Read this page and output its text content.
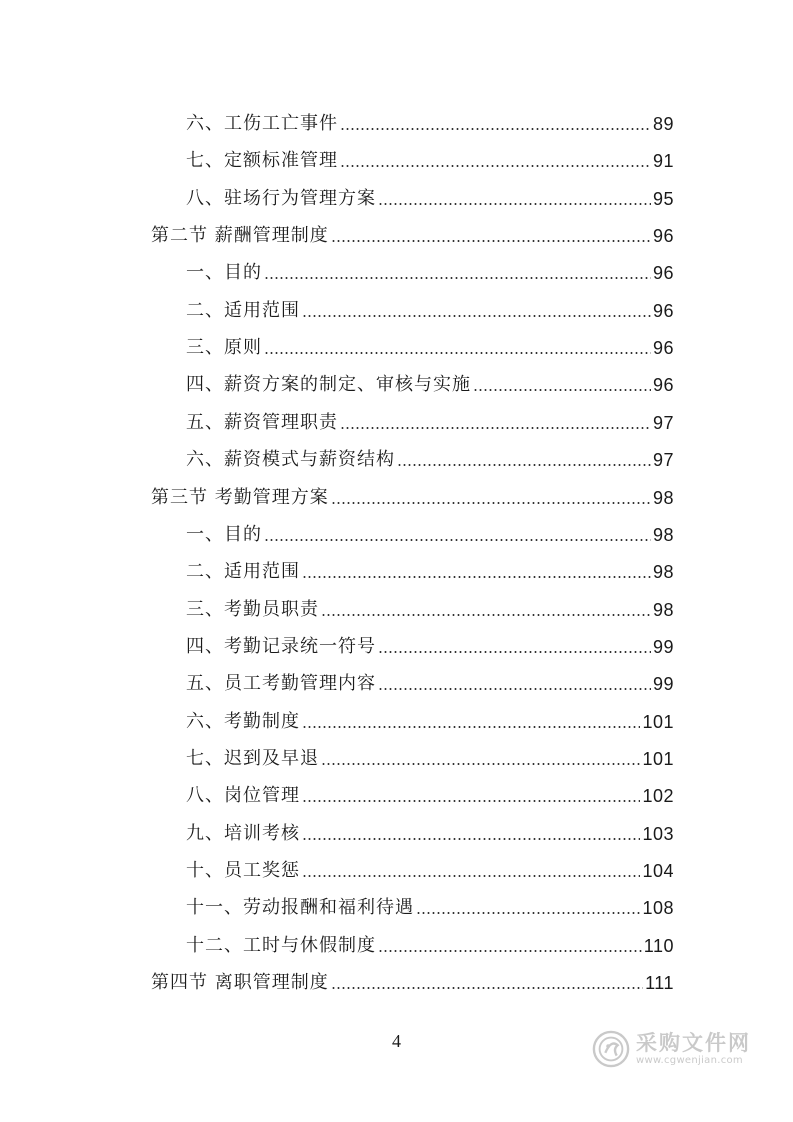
六、工伤工亡事件	89
七、定额标准管理	91
八、驻场行为管理方案	95
第二节 薪酬管理制度	96
一、目的	96
二、适用范围	96
三、原则	96
四、薪资方案的制定、审核与实施	96
五、薪资管理职责	97
六、薪资模式与薪资结构	97
第三节 考勤管理方案	98
一、目的	98
二、适用范围	98
三、考勤员职责	98
四、考勤记录统一符号	99
五、员工考勤管理内容	99
六、考勤制度	101
七、迟到及早退	101
八、岗位管理	102
九、培训考核	103
十、员工奖惩	104
十一、劳动报酬和福利待遇	108
十二、工时与休假制度	110
第四节 离职管理制度	111
4	采购文件网
www.cgwenjian.com
